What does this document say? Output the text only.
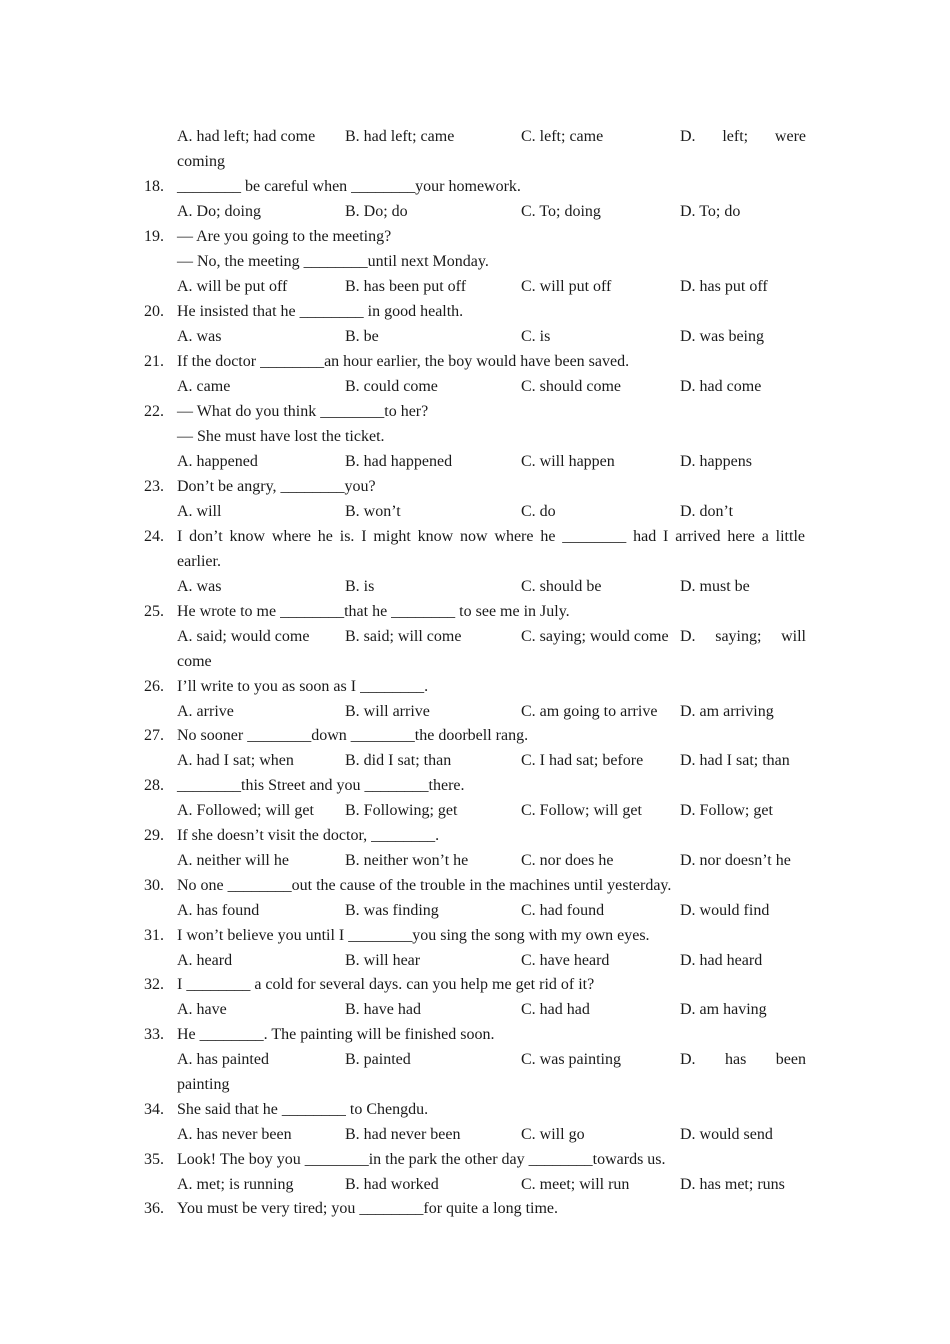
A. had left; had come B. had left; came	C. left; came	D. left; were
coming
18. ________ be careful when ________your homework.
A. Do; doing	B. Do; do	C. To; doing	D. To; do
19. — Are you going to the meeting?
— No, the meeting ________until next Monday.
A. will be put off	B. has been put off	C. will put off	D. has put off
20. He insisted that he ________ in good health.
A. was	B. be	C. is	D. was being
21. If the doctor ________an hour earlier, the boy would have been saved.
A. came	B. could come	C. should come	D. had come
22. — What do you think ________to her?
— She must have lost the ticket.
A. happened	B. had happened	C. will happen	D. happens
23. Don’t be angry, ________you?
A. will	B. won’t	C. do	D. don’t
24. I don’t know where he is. I might know now where he ________ had I arrived here a little
earlier.
A. was	B. is	C. should be	D. must be
25. He wrote to me ________that he ________ to see me in July.
A. said; would come B. said; will come	C. saying; would come D. saying; will
come
26. I’ll write to you as soon as I ________.
A. arrive	B. will arrive	C. am going to arrive D. am arriving
27. No sooner ________down ________the doorbell rang.
A. had I sat; when	B. did I sat; than	C. I had sat; before D. had I sat; than
28. ________this Street and you ________there.
A. Followed; will get B. Following; get	C. Follow; will get D. Follow; get
29. If she doesn’t visit the doctor, ________.
A. neither will he	B. neither won’t he	C. nor does he	D. nor doesn’t he
30. No one ________out the cause of the trouble in the machines until yesterday.
A. has found	B. was finding	C. had found	D. would find
31. I won’t believe you until I ________you sing the song with my own eyes.
A. heard	B. will hear	C. have heard	D. had heard
32. I ________ a cold for several days. can you help me get rid of it?
A. have	B. have had	C. had had	D. am having
33. He ________. The painting will be finished soon.
A. has painted	B. painted	C. was painting	D. has been
painting
34. She said that he ________ to Chengdu.
A. has never been	B. had never been	C. will go	D. would send
35. Look! The boy you ________in the park the other day ________towards us.
A. met; is running	B. had worked	C. meet; will run	D. has met; runs
36. You must be very tired; you ________for quite a long time.
